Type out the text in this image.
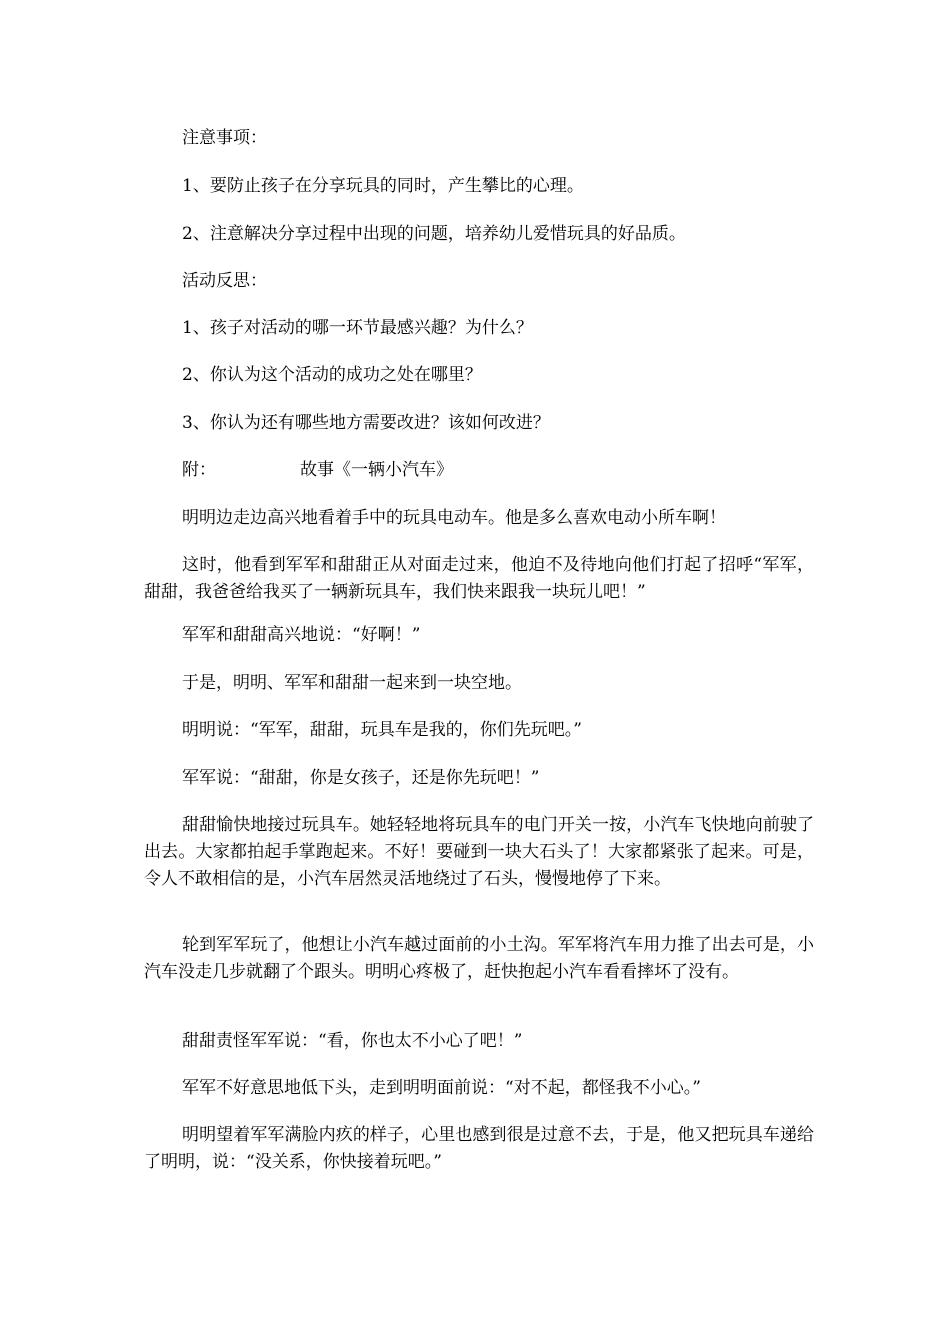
注意事项：

1、要防止孩子在分享玩具的同时，产生攀比的心理。

2、注意解决分享过程中出现的问题，培养幼儿爱惜玩具的好品质。

活动反思：

1、孩子对活动的哪一环节最感兴趣？为什么？

2、你认为这个活动的成功之处在哪里？

3、你认为还有哪些地方需要改进？该如何改进？

附：	故事《一辆小汽车》

明明边走边高兴地看着手中的玩具电动车。他是多么喜欢电动小所车啊！

这时，他看到军军和甜甜正从对面走过来，他迫不及待地向他们打起了招呼“军军，甜甜，我爸爸给我买了一辆新玩具车，我们快来跟我一块玩儿吧！”

军军和甜甜高兴地说：“好啊！”

于是，明明、军军和甜甜一起来到一块空地。

明明说：“军军，甜甜，玩具车是我的，你们先玩吧。”

军军说：“甜甜，你是女孩子，还是你先玩吧！”

甜甜愉快地接过玩具车。她轻轻地将玩具车的电门开关一按，小汽车飞快地向前驶了出去。大家都拍起手掌跑起来。不好！要碰到一块大石头了！大家都紧张了起来。可是，令人不敢相信的是，小汽车居然灵活地绕过了石头，慢慢地停了下来。

轮到军军玩了，他想让小汽车越过面前的小土沟。军军将汽车用力推了出去可是，小汽车没走几步就翻了个跟头。明明心疼极了，赶快抱起小汽车看看摔坏了没有。

甜甜责怪军军说：“看，你也太不小心了吧！”

军军不好意思地低下头，走到明明面前说：“对不起，都怪我不小心。”

明明望着军军满脸内疚的样子，心里也感到很是过意不去，于是，他又把玩具车递给了明明，说：“没关系，你快接着玩吧。”
